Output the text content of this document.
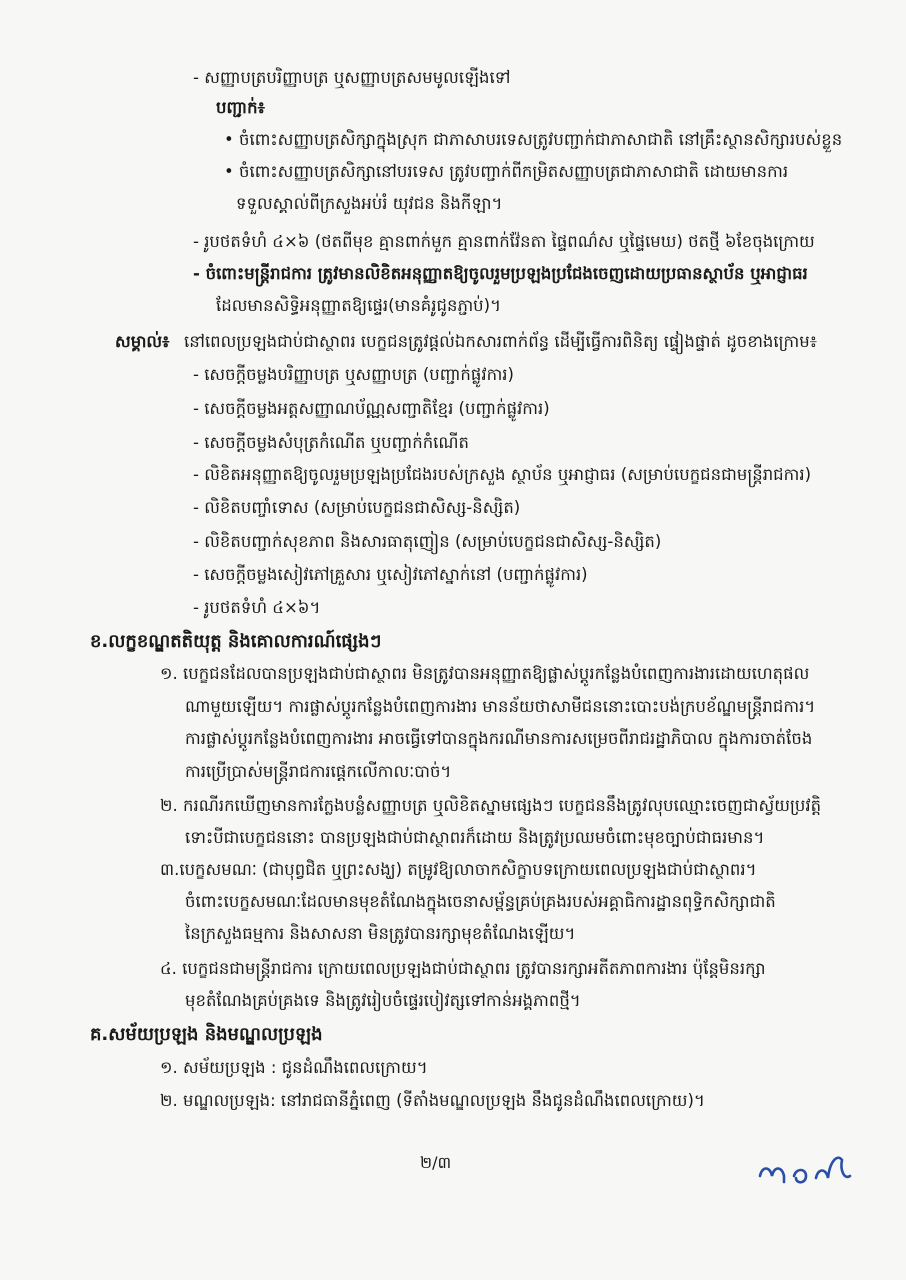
- សញ្ញាបត្របរិញ្ញាបត្រ ឬសញ្ញាបត្រសមមូលឡើងទៅ
បញ្ជាក់៖
• ចំពោះសញ្ញាបត្រសិក្សាក្នុងស្រុក ជាភាសាបរទេសត្រូវបញ្ជាក់ជាភាសាជាតិ នៅគ្រឹះស្ថានសិក្សារបស់ខ្លួន
• ចំពោះសញ្ញាបត្រសិក្សានៅបរទេស ត្រូវបញ្ជាក់ពីកម្រិតសញ្ញាបត្រជាភាសាជាតិ ដោយមានការ
ទទួលស្គាល់ពីក្រសួងអប់រំ យុវជន និងកីឡា។
- រូបថតទំហំ ៤×៦ (ថតពីមុខ គ្មានពាក់មួក គ្មានពាក់វ៉ែនតា ផ្ទៃពណ៌ស ឬផ្ទៃមេឃ) ថតថ្មី ៦ខែចុងក្រោយ
- ចំពោះមន្ត្រីរាជការ ត្រូវមានលិខិតអនុញ្ញាតឱ្យចូលរួមប្រឡងប្រជែងចេញដោយប្រធានស្ថាប័ន ឬអាជ្ញាធរ
ដែលមានសិទ្ធិអនុញ្ញាតឱ្យផ្ទេរ(មានគំរូជូនភ្ជាប់)។
សម្គាល់៖ នៅពេលប្រឡងជាប់ជាស្ថាពរ បេក្ខជនត្រូវផ្តល់ឯកសារពាក់ព័ន្ធ ដើម្បីធ្វើការពិនិត្យ ផ្ទៀងផ្ទាត់ ដូចខាងក្រោម៖
- សេចក្តីចម្លងបរិញ្ញាបត្រ ឬសញ្ញាបត្រ (បញ្ជាក់ផ្លូវការ)
- សេចក្តីចម្លងអត្តសញ្ញាណប័ណ្ណសញ្ជាតិខ្មែរ (បញ្ជាក់ផ្លូវការ)
- សេចក្តីចម្លងសំបុត្រកំណើត ឬបញ្ជាក់កំណើត
- លិខិតអនុញ្ញាតឱ្យចូលរួមប្រឡងប្រជែងរបស់ក្រសួង ស្ថាប័ន ឬអាជ្ញាធរ (សម្រាប់បេក្ខជនជាមន្ត្រីរាជការ)
- លិខិតបញ្ចាំទោស (សម្រាប់បេក្ខជនជាសិស្ស-និស្សិត)
- លិខិតបញ្ជាក់សុខភាព និងសារធាតុញៀន (សម្រាប់បេក្ខជនជាសិស្ស-និស្សិត)
- សេចក្តីចម្លងសៀវភៅគ្រួសារ ឬសៀវភៅស្នាក់នៅ (បញ្ជាក់ផ្លូវការ)
- រូបថតទំហំ ៤×៦។
ខ.លក្ខខណ្ឌតតិយុត្ត និងគោលការណ៍ផ្សេងៗ
១. បេក្ខជនដែលបានប្រឡងជាប់ជាស្ថាពរ មិនត្រូវបានអនុញ្ញាតឱ្យផ្លាស់ប្តូរកន្លែងបំពេញការងារដោយហេតុផល
ណាមួយឡើយ។ ការផ្លាស់ប្តូរកន្លែងបំពេញការងារ មានន័យថាសាមីជននោះបោះបង់ក្របខ័ណ្ឌមន្ត្រីរាជការ។
ការផ្លាស់ប្តូរកន្លែងបំពេញការងារ អាចធ្វើទៅបានក្នុងករណីមានការសម្រេចពីរាជរដ្ឋាភិបាល ក្នុងការចាត់ចែង
ការប្រើប្រាស់មន្ត្រីរាជការផ្តេកលើកាលៈបាច់។
២. ករណីរកឃើញមានការក្លែងបន្លំសញ្ញាបត្រ ឬលិខិតស្នាមផ្សេងៗ បេក្ខជននឹងត្រូវលុបឈ្មោះចេញជាស្វ័យប្រវត្តិ
ទោះបីជាបេក្ខជននោះ បានប្រឡងជាប់ជាស្ថាពរក៏ដោយ និងត្រូវប្រឈមចំពោះមុខច្បាប់ជាធរមាន។
៣.បេក្ខសមណៈ (ជាបុព្វជិត ឬព្រះសង្ឃ) តម្រូវឱ្យលាចាកសិក្ខាបទក្រោយពេលប្រឡងជាប់ជាស្ថាពរ។
ចំពោះបេក្ខសមណៈដែលមានមុខតំណែងក្នុងចេនាសម្ព័ន្ធគ្រប់គ្រងរបស់អគ្គាធិការដ្ឋានពុទ្ធិកសិក្សាជាតិ
នៃក្រសួងធម្មការ និងសាសនា មិនត្រូវបានរក្សាមុខតំណែងឡើយ។
៤. បេក្ខជនជាមន្ត្រីរាជការ ក្រោយពេលប្រឡងជាប់ជាស្ថាពរ ត្រូវបានរក្សាអតីតភាពការងារ ប៉ុន្តែមិនរក្សា
មុខតំណែងគ្រប់គ្រងទេ និងត្រូវរៀបចំផ្ទេរបៀវត្សទៅកាន់អង្គភាពថ្មី។
គ.សម័យប្រឡង និងមណ្ឌលប្រឡង
១. សម័យប្រឡង : ជូនដំណឹងពេលក្រោយ។
២. មណ្ឌលប្រឡង: នៅរាជធានីភ្នំពេញ (ទីតាំងមណ្ឌលប្រឡង នឹងជូនដំណឹងពេលក្រោយ)។
២/៣
